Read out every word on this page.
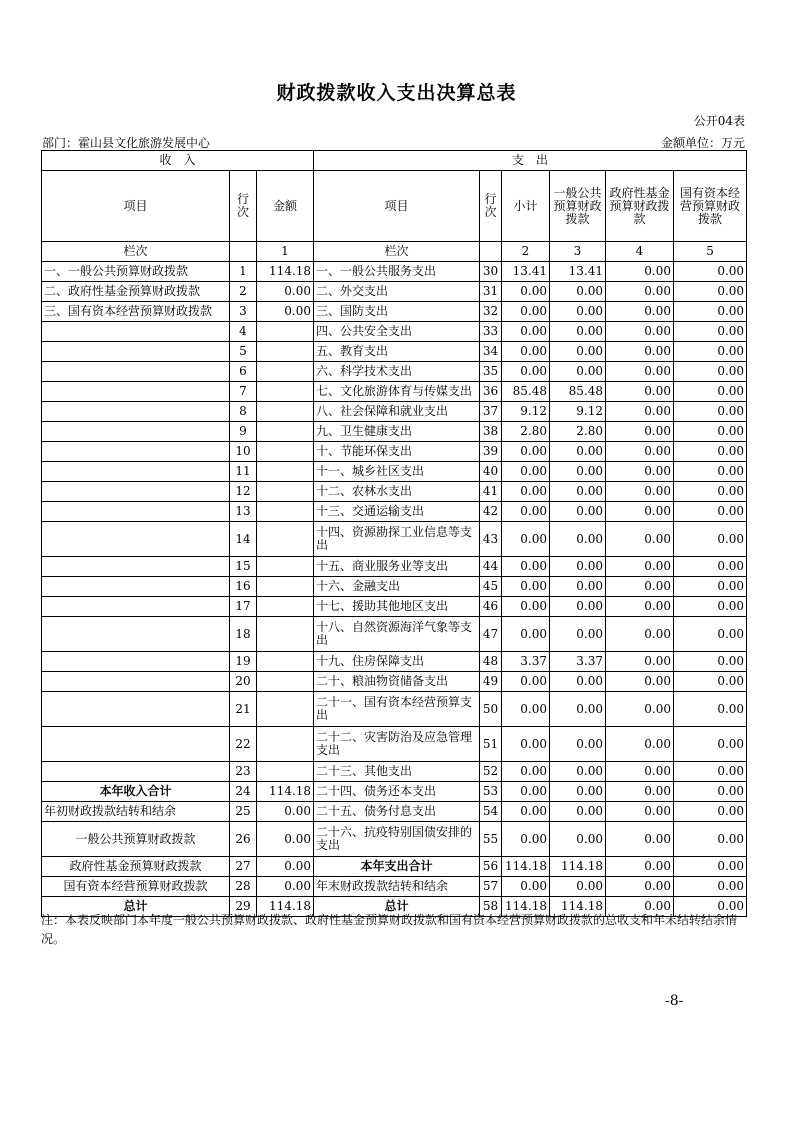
财政拨款收入支出决算总表
公开04表
部门：霍山县文化旅游发展中心	金额单位：万元
收　入			支　出					
项目	行次	金额	项目	行次	小计	一般公共预算财政拨款	政府性基金预算财政拨款	国有资本经营预算财政拨款
栏次		1	栏次		2	3	4	5
一、一般公共预算财政拨款	1	114.18	一、一般公共服务支出	30	13.41	13.41	0.00	0.00
二、政府性基金预算财政拨款	2	0.00	二、外交支出	31	0.00	0.00	0.00	0.00
三、国有资本经营预算财政拨款	3	0.00	三、国防支出	32	0.00	0.00	0.00	0.00
	4		四、公共安全支出	33	0.00	0.00	0.00	0.00
	5		五、教育支出	34	0.00	0.00	0.00	0.00
	6		六、科学技术支出	35	0.00	0.00	0.00	0.00
	7		七、文化旅游体育与传媒支出	36	85.48	85.48	0.00	0.00
	8		八、社会保障和就业支出	37	9.12	9.12	0.00	0.00
	9		九、卫生健康支出	38	2.80	2.80	0.00	0.00
	10		十、节能环保支出	39	0.00	0.00	0.00	0.00
	11		十一、城乡社区支出	40	0.00	0.00	0.00	0.00
	12		十二、农林水支出	41	0.00	0.00	0.00	0.00
	13		十三、交通运输支出	42	0.00	0.00	0.00	0.00
	14		十四、资源勘探工业信息等支出	43	0.00	0.00	0.00	0.00
	15		十五、商业服务业等支出	44	0.00	0.00	0.00	0.00
	16		十六、金融支出	45	0.00	0.00	0.00	0.00
	17		十七、援助其他地区支出	46	0.00	0.00	0.00	0.00
	18		十八、自然资源海洋气象等支出	47	0.00	0.00	0.00	0.00
	19		十九、住房保障支出	48	3.37	3.37	0.00	0.00
	20		二十、粮油物资储备支出	49	0.00	0.00	0.00	0.00
	21		二十一、国有资本经营预算支出	50	0.00	0.00	0.00	0.00
	22		二十二、灾害防治及应急管理支出	51	0.00	0.00	0.00	0.00
	23		二十三、其他支出	52	0.00	0.00	0.00	0.00
本年收入合计	24	114.18	二十四、债务还本支出	53	0.00	0.00	0.00	0.00
年初财政拨款结转和结余	25	0.00	二十五、债务付息支出	54	0.00	0.00	0.00	0.00
一般公共预算财政拨款	26	0.00	二十六、抗疫特别国债安排的支出	55	0.00	0.00	0.00	0.00
政府性基金预算财政拨款	27	0.00	本年支出合计	56	114.18	114.18	0.00	0.00
国有资本经营预算财政拨款	28	0.00	年末财政拨款结转和结余	57	0.00	0.00	0.00	0.00
总计	29	114.18	总计	58	114.18	114.18	0.00	0.00
注：本表反映部门本年度一般公共预算财政拨款、政府性基金预算财政拨款和国有资本经营预算财政拨款的总收支和年末结转结余情况。
-8-
